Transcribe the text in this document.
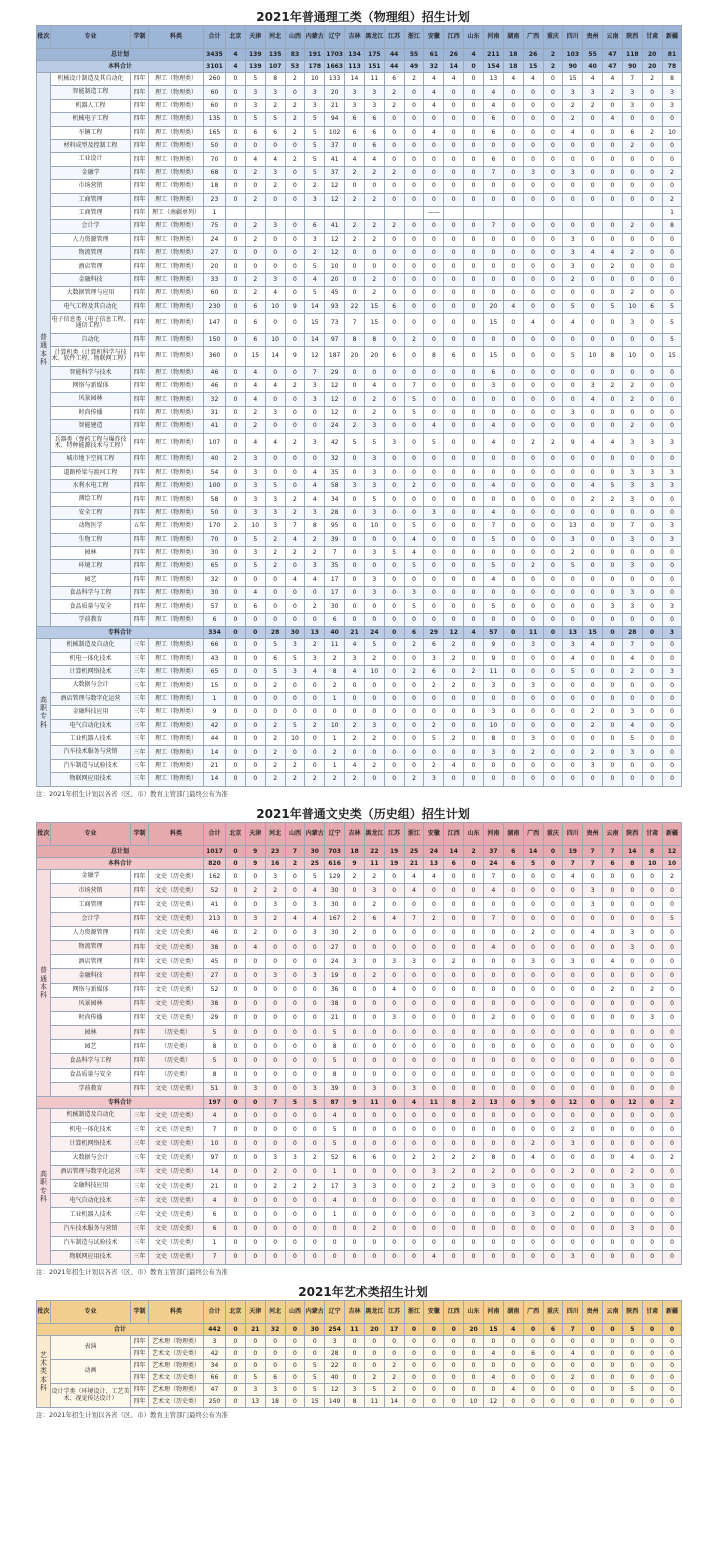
2021年普通理工类（物理组）招生计划
批次	专业	学制	科类	合计	北京	天津	河北	山西	内蒙古	辽宁	吉林	黑龙江	江苏	浙江	安徽	江西	山东	河南	湖南	广西	重庆	四川	贵州	云南	陕西	甘肃	新疆
总计划				3435	4	139	135	83	191	1703	134	175	44	55	61	26	4	211	18	26	2	103	55	47	118	20	81
本科合计				3101	4	139	107	53	178	1663	113	151	44	49	32	14	0	154	18	15	2	90	40	47	90	20	78
普通本科	机械设计制造及其自动化	四年	理工（物理类）	260	0	5	8	2	10	133	14	11	6	2	4	4	0	13	4	4	0	15	4	4	7	2	8
	智能制造工程	四年	理工（物理类）	60	0	3	3	0	3	20	3	3	2	0	4	0	0	4	0	0	0	3	3	2	3	0	3
	机器人工程	四年	理工（物理类）	60	0	3	2	2	3	21	3	3	2	0	4	0	0	4	0	0	0	2	2	0	3	0	3
	机械电子工程	四年	理工（物理类）	135	0	5	5	2	5	94	6	6	0	0	0	0	0	6	0	0	0	2	0	4	0	0	0
	车辆工程	四年	理工（物理类）	165	0	6	6	2	5	102	6	6	0	0	4	0	0	6	0	0	0	4	0	0	6	2	10
	材料成型及控制工程	四年	理工（物理类）	50	0	0	0	0	5	37	0	6	0	0	0	0	0	0	0	0	0	0	0	0	2	0	0
	工业设计	四年	理工（物理类）	70	0	4	4	2	5	41	4	4	0	0	0	0	0	6	0	0	0	0	0	0	0	0	0
	金融学	四年	理工（物理类）	68	0	2	3	0	5	37	2	2	2	0	0	0	0	7	0	3	0	3	0	0	0	0	2
	市场营销	四年	理工（物理类）	18	0	0	2	0	2	12	0	0	0	0	0	0	0	0	0	0	0	0	0	0	0	0	0
	工商管理	四年	理工（物理类）	23	0	2	0	0	3	12	2	2	0	0	0	0	0	0	0	0	0	0	0	0	0	0	2
	工商管理	四年	理工（南疆单列）	1											——												1
	会计学	四年	理工（物理类）	75	0	2	3	0	6	41	2	2	2	0	0	0	0	7	0	0	0	0	0	0	2	0	8
	人力资源管理	四年	理工（物理类）	24	0	2	0	0	3	12	2	2	0	0	0	0	0	0	0	0	0	3	0	0	0	0	0
	物流管理	四年	理工（物理类）	27	0	0	0	0	2	12	0	0	0	0	0	0	0	0	0	0	0	3	4	4	2	0	0
	酒店管理	四年	理工（物理类）	20	0	0	0	0	5	10	0	0	0	0	0	0	0	0	0	0	0	3	0	2	0	0	0
	金融科技	四年	理工（物理类）	33	0	2	3	0	4	20	0	2	0	0	0	0	0	0	0	0	0	2	0	0	0	0	0
	大数据管理与应用	四年	理工（物理类）	60	0	2	4	0	5	45	0	2	0	0	0	0	0	0	0	0	0	0	0	0	2	0	0
	电气工程及其自动化	四年	理工（物理类）	230	0	6	10	9	14	93	22	15	6	0	0	0	0	20	4	0	0	5	0	5	10	6	5
	电子信息类（电子信息工程、通信工程）	四年	理工（物理类）	147	0	6	0	0	15	73	7	15	0	0	0	0	0	15	0	4	0	4	0	0	3	0	5
	自动化	四年	理工（物理类）	150	0	6	10	0	14	97	8	8	0	2	0	0	0	0	0	0	0	0	0	0	0	0	5
	计算机类（计算机科学与技术、软件工程、物联网工程）	四年	理工（物理类）	360	0	15	14	9	12	187	20	20	6	0	8	6	0	15	0	0	0	5	10	8	10	0	15
	智能科学与技术	四年	理工（物理类）	46	0	4	0	0	7	29	0	0	0	0	0	0	0	6	0	0	0	0	0	0	0	0	0
	网络与新媒体	四年	理工（物理类）	46	0	4	4	2	3	12	0	4	0	7	0	0	0	3	0	0	0	0	3	2	2	0	0
	风景园林	四年	理工（物理类）	32	0	4	0	0	3	12	0	2	0	5	0	0	0	0	0	0	0	0	4	0	2	0	0
	时尚传播	四年	理工（物理类）	31	0	2	3	0	0	12	0	2	0	5	0	0	0	0	0	0	0	3	0	0	0	0	0
	智能建造	四年	理工（物理类）	41	0	2	0	0	0	24	2	3	0	0	4	0	0	4	0	0	0	0	0	0	2	0	0
	兵器类（弹药工程与爆炸技术、特种能源技术与工程）	四年	理工（物理类）	107	0	4	4	2	3	42	5	5	3	0	5	0	0	4	0	2	2	9	4	4	3	3	3
	城市地下空间工程	四年	理工（物理类）	40	2	3	0	0	0	32	0	3	0	0	0	0	0	0	0	0	0	0	0	0	0	0	0
	道路桥梁与渡河工程	四年	理工（物理类）	54	0	3	0	0	4	35	0	3	0	0	0	0	0	0	0	0	0	0	0	0	3	3	3
	水利水电工程	四年	理工（物理类）	100	0	3	5	0	4	58	3	3	0	2	0	0	0	4	0	0	0	0	4	5	3	3	3
	测绘工程	四年	理工（物理类）	58	0	3	3	2	4	34	0	5	0	0	0	0	0	0	0	0	0	0	2	2	3	0	0
	安全工程	四年	理工（物理类）	50	0	3	3	2	3	28	0	3	0	0	3	0	0	4	0	0	0	0	0	0	0	0	0
	动物医学	五年	理工（物理类）	170	2	10	3	7	8	95	0	10	0	5	0	0	0	7	0	0	0	13	0	0	7	0	3
	生物工程	四年	理工（物理类）	70	0	5	2	4	2	39	0	0	0	4	0	0	0	5	0	0	0	3	0	0	3	0	3
	园林	四年	理工（物理类）	30	0	3	2	2	2	7	0	3	5	4	0	0	0	0	0	0	0	2	0	0	0	0	0
	环境工程	四年	理工（物理类）	65	0	5	2	0	3	35	0	0	0	5	0	0	0	5	0	2	0	5	0	0	3	0	0
	园艺	四年	理工（物理类）	32	0	0	0	4	4	17	0	3	0	0	0	0	0	4	0	0	0	0	0	0	0	0	0
	食品科学与工程	四年	理工（物理类）	30	0	4	0	0	0	17	0	3	0	3	0	0	0	0	0	0	0	0	0	0	3	0	0
	食品质量与安全	四年	理工（物理类）	57	0	6	0	0	2	30	0	0	0	5	0	0	0	5	0	0	0	0	0	3	3	0	3
	学前教育	四年	理工（物理类）	6	0	0	0	0	0	6	0	0	0	0	0	0	0	0	0	0	0	0	0	0	0	0	0
专科合计				334	0	0	28	30	13	40	21	24	0	6	29	12	4	57	0	11	0	13	15	0	28	0	3
高职专科	机械制造及自动化	三年	理工（物理类）	66	0	0	5	3	2	11	4	5	0	2	6	2	0	9	0	3	0	3	4	0	7	0	0
	机电一体化技术	三年	理工（物理类）	43	0	0	6	5	3	2	3	2	0	0	3	2	0	9	0	0	0	4	0	0	4	0	0
	计算机网络技术	三年	理工（物理类）	65	0	0	5	3	4	8	4	10	0	2	6	0	2	11	0	0	0	5	0	0	2	0	3
	大数据与会计	三年	理工（物理类）	15	0	0	2	0	0	2	0	0	0	0	2	2	0	3	0	3	0	0	0	0	0	0	0
	酒店管理与数字化运营	三年	理工（物理类）	1	0	0	0	0	0	1	0	0	0	0	0	0	0	0	0	0	0	0	0	0	0	0	0
	金融科技应用	三年	理工（物理类）	9	0	0	0	0	0	0	0	0	0	0	0	0	0	3	0	0	0	0	2	0	3	0	0
	电气自动化技术	三年	理工（物理类）	42	0	0	2	5	2	10	2	3	0	0	2	0	0	10	0	0	0	0	2	0	4	0	0
	工业机器人技术	三年	理工（物理类）	44	0	0	2	10	0	1	2	2	0	0	5	2	0	8	0	3	0	0	0	0	5	0	0
	汽车技术服务与营销	三年	理工（物理类）	14	0	0	2	0	0	2	0	0	0	0	0	0	0	3	0	2	0	0	2	0	3	0	0
	汽车制造与试验技术	三年	理工（物理类）	21	0	0	2	2	0	1	4	2	0	0	2	4	0	0	0	0	0	0	3	0	0	0	0
	物联网应用技术	三年	理工（物理类）	14	0	0	2	2	2	2	2	0	0	2	3	0	0	0	0	0	0	0	0	0	0	0	0
注：2021年招生计划以各省（区、市）教育主管部门最终公布为准
2021年普通文史类（历史组）招生计划
批次	专业	学制	科类	合计	北京	天津	河北	山西	内蒙古	辽宁	吉林	黑龙江	江苏	浙江	安徽	江西	山东	河南	湖南	广西	重庆	四川	贵州	云南	陕西	甘肃	新疆
总计划				1017	0	9	23	7	30	703	18	22	19	25	24	14	2	37	6	14	0	19	7	7	14	8	12
本科合计				820	0	9	16	2	25	616	9	11	19	21	13	6	0	24	6	5	0	7	7	6	8	10	10
普通本科	金融学	四年	文史（历史类）	162	0	0	3	0	5	129	2	2	0	4	4	0	0	7	0	0	0	4	0	0	0	0	2
	市场营销	四年	文史（历史类）	52	0	2	2	0	4	30	0	3	0	4	0	0	0	4	0	0	0	0	3	0	0	0	0
	工商管理	四年	文史（历史类）	41	0	0	3	0	3	30	0	2	0	0	0	0	0	0	0	0	0	0	3	0	0	0	0
	会计学	四年	文史（历史类）	213	0	3	2	4	4	167	2	6	4	7	2	0	0	7	0	0	0	0	0	0	0	0	5
	人力资源管理	四年	文史（历史类）	46	0	2	0	0	3	30	2	0	0	0	0	0	0	0	0	2	0	0	4	0	3	0	0
	物流管理	四年	文史（历史类）	38	0	4	0	0	0	27	0	0	0	0	0	0	0	4	0	0	0	0	0	0	3	0	0
	酒店管理	四年	文史（历史类）	45	0	0	0	0	0	24	3	0	3	3	0	2	0	0	0	3	0	3	0	4	0	0	0
	金融科技	四年	文史（历史类）	27	0	0	3	0	3	19	0	2	0	0	0	0	0	0	0	0	0	0	0	0	0	0	0
	网络与新媒体	四年	文史（历史类）	52	0	0	0	0	0	36	0	0	4	0	0	0	0	0	0	0	0	0	0	2	0	2	0
	风景园林	四年	文史（历史类）	38	0	0	0	0	0	38	0	0	0	0	0	0	0	0	0	0	0	0	0	0	0	0	0
	时尚传播	四年	文史（历史类）	29	0	0	0	0	0	21	0	0	3	0	0	0	0	2	0	0	0	0	0	0	0	3	0
	园林	四年	（历史类）	5	0	0	0	0	0	5	0	0	0	0	0	0	0	0	0	0	0	0	0	0	0	0	0
	园艺	四年	（历史类）	8	0	0	0	0	0	8	0	0	0	0	0	0	0	0	0	0	0	0	0	0	0	0	0
	食品科学与工程	四年	（历史类）	5	0	0	0	0	0	5	0	0	0	0	0	0	0	0	0	0	0	0	0	0	0	0	0
	食品质量与安全	四年	（历史类）	8	0	0	0	0	0	8	0	0	0	0	0	0	0	0	0	0	0	0	0	0	0	0	0
	学前教育	四年	文史（历史类）	51	0	3	0	0	3	39	0	3	0	3	0	0	0	0	0	0	0	0	0	0	0	0	0
专科合计				197	0	0	7	5	5	87	9	11	0	4	11	8	2	13	0	9	0	12	0	0	12	0	2
高职专科	机械制造及自动化	三年	文史（历史类）	4	0	0	0	0	0	4	0	0	0	0	0	0	0	0	0	0	0	0	0	0	0	0	0
	机电一体化技术	三年	文史（历史类）	7	0	0	0	0	0	5	0	0	0	0	0	0	0	0	0	0	0	2	0	0	0	0	0
	计算机网络技术	三年	文史（历史类）	10	0	0	0	0	0	5	0	0	0	0	0	0	0	0	0	2	0	3	0	0	0	0	0
	大数据与会计	三年	文史（历史类）	97	0	0	3	3	2	52	6	6	0	2	2	2	2	8	0	4	0	0	0	0	4	0	2
	酒店管理与数字化运营	三年	文史（历史类）	14	0	0	2	0	0	1	0	0	0	0	3	2	0	2	0	0	0	2	0	0	2	0	0
	金融科技应用	三年	文史（历史类）	21	0	0	2	2	2	17	3	3	0	0	2	2	0	3	0	0	0	0	0	0	3	0	0
	电气自动化技术	三年	文史（历史类）	4	0	0	0	0	0	4	0	0	0	0	0	0	0	0	0	0	0	0	0	0	0	0	0
	工业机器人技术	三年	文史（历史类）	6	0	0	0	0	0	1	0	0	0	0	0	0	0	0	0	3	0	2	0	0	0	0	0
	汽车技术服务与营销	三年	文史（历史类）	6	0	0	0	0	0	0	0	2	0	0	0	0	0	0	0	0	0	0	0	0	3	0	0
	汽车制造与试验技术	三年	文史（历史类）	1	0	0	0	0	0	0	0	0	0	0	0	0	0	0	0	0	0	0	0	0	0	0	0
	物联网应用技术	三年	文史（历史类）	7	0	0	0	0	0	0	0	0	0	0	4	0	0	0	0	0	0	3	0	0	0	0	0
注：2021年招生计划以各省（区、市）教育主管部门最终公布为准
2021年艺术类招生计划
批次	专业	学制	科类	合计	北京	天津	河北	山西	内蒙古	辽宁	吉林	黑龙江	江苏	浙江	安徽	江西	山东	河南	湖南	广西	重庆	四川	贵州	云南	陕西	甘肃	新疆
合计				442	0	21	32	0	30	254	11	20	17	0	0	0	20	15	4	0	6	7	0	0	5	0	0
艺术类本科	表演	四年	艺术理（物理类）	3	0	0	0	0	0	3	0	0	0	0	0	0	0	0	0	0	0	0	0	0	0	0	0
		四年	艺术文（历史类）	42	0	0	0	0	0	28	0	0	0	0	0	0	0	4	0	6	0	4	0	0	0	0	0
	动画	四年	艺术理（物理类）	34	0	0	0	0	5	22	0	0	2	0	0	0	0	0	0	0	0	0	0	0	0	0	0
		四年	艺术文（历史类）	66	0	5	6	0	5	40	0	2	2	0	0	0	0	4	0	0	0	2	0	0	0	0	0
	设计学类（环境设计、工艺美术、视觉传达设计）	四年	艺术理（物理类）	47	0	3	3	0	5	12	3	5	2	0	0	0	0	0	4	0	0	0	0	0	5	0	0
		四年	艺术文（历史类）	250	0	13	18	0	15	149	8	11	14	0	0	0	10	12	0	0	0	0	0	0	0	0	0
注：2021年招生计划以各省（区、市）教育主管部门最终公布为准
